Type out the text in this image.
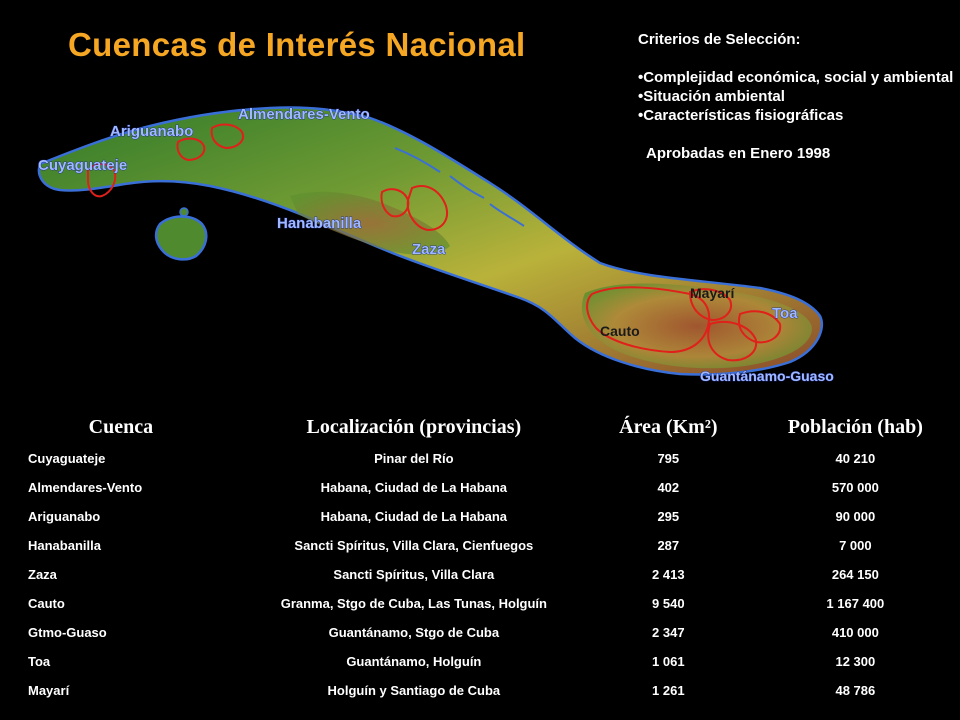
Cuencas de Interés Nacional	Criterios de Selección:
•Complejidad económica, social y ambiental
•Situación ambiental
•Características fisiográficas
Aprobadas en Enero 1998
Almendares-Vento
Ariguanabo
Cuyaguateje
Hanabanilla
Zaza
Mayarí
Toa
Cauto
Guantánamo-Guaso
Cuenca	Localización (provincias)	Área (Km²)	Población (hab)
Cuyaguateje	Pinar del Río	795	40 210
Almendares-Vento	Habana, Ciudad de La Habana	402	570 000
Ariguanabo	Habana, Ciudad de La Habana	295	90 000
Hanabanilla	Sancti Spíritus, Villa Clara, Cienfuegos	287	7 000
Zaza	Sancti Spíritus, Villa Clara	2 413	264 150
Cauto	Granma, Stgo de Cuba, Las Tunas, Holguín	9 540	1 167 400
Gtmo-Guaso	Guantánamo, Stgo de Cuba	2 347	410 000
Toa	Guantánamo, Holguín	1 061	12 300
Mayarí	Holguín y Santiago de Cuba	1 261	48 786
